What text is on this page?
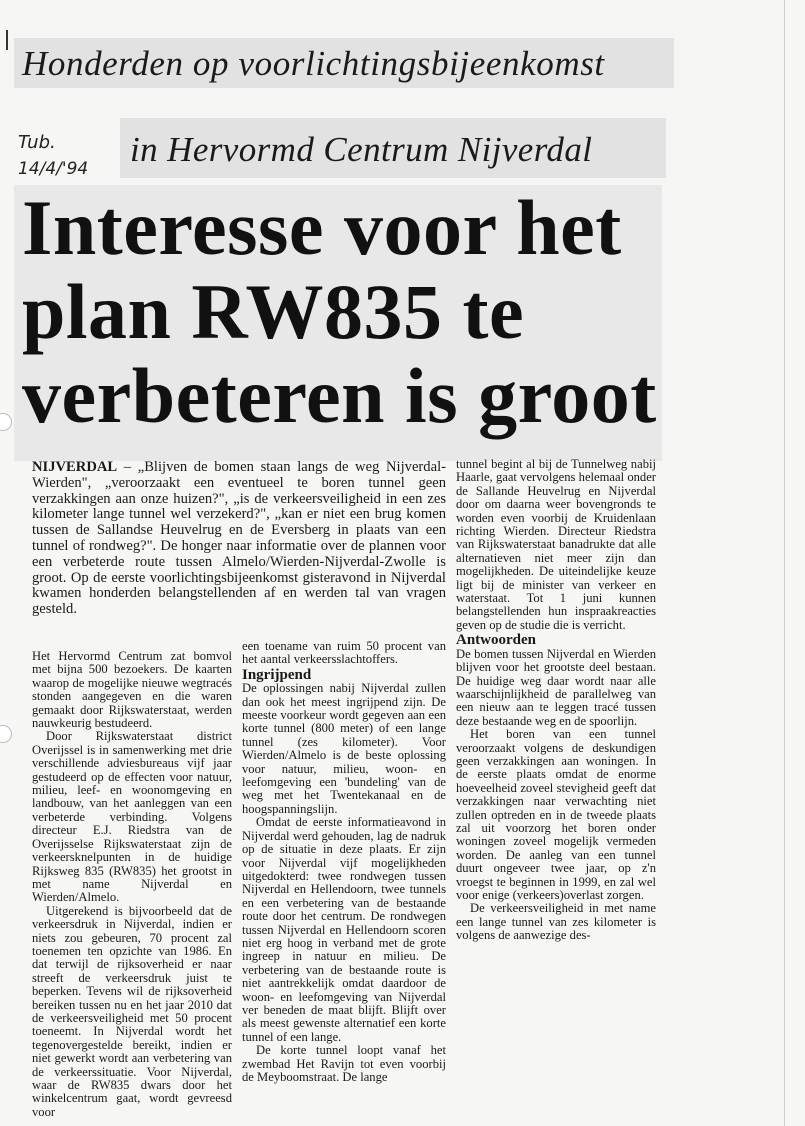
Honderden op voorlichtingsbijeenkomst
Tub.
14/4/'94	in Hervormd Centrum Nijverdal
Interesse voor het
plan RW835 te
verbeteren is groot
NIJVERDAL – „Blijven de bomen staan langs de weg Nijverdal-Wierden", „veroorzaakt een eventueel te boren tunnel geen verzakkingen aan onze huizen?", „is de verkeersveiligheid in een zes kilometer lange tunnel wel verzekerd?", „kan er niet een brug komen tussen de Sallandse Heuvelrug en de Eversberg in plaats van een tunnel of rondweg?". De honger naar informatie over de plannen voor een verbeterde route tussen Almelo/Wierden-Nijverdal-Zwolle is groot. Op de eerste voorlichtingsbijeenkomst gisteravond in Nijverdal kwamen honderden belangstellenden af en werden tal van vragen gesteld.

Het Hervormd Centrum zat bomvol met bijna 500 bezoekers. De kaarten waarop de mogelijke nieuwe wegtracés stonden aangegeven en die waren gemaakt door Rijkswaterstaat, werden nauwkeurig bestudeerd.

Door Rijkswaterstaat district Overijssel is in samenwerking met drie verschillende adviesbureaus vijf jaar gestudeerd op de effecten voor natuur, milieu, leef- en woonomgeving en landbouw, van het aanleggen van een verbeterde verbinding. Volgens directeur E.J. Riedstra van de Overijsselse Rijkswaterstaat zijn de verkeersknelpunten in de huidige Rijksweg 835 (RW835) het grootst in met name Nijverdal en Wierden/Almelo.

Uitgerekend is bijvoorbeeld dat de verkeersdruk in Nijverdal, indien er niets zou gebeuren, 70 procent zal toenemen ten opzichte van 1986. En dat terwijl de rijksoverheid er naar streeft de verkeersdruk juist te beperken. Tevens wil de rijksoverheid bereiken tussen nu en het jaar 2010 dat de verkeersveiligheid met 50 procent toeneemt. In Nijverdal wordt het tegenovergestelde bereikt, indien er niet gewerkt wordt aan verbetering van de verkeerssituatie. Voor Nijverdal, waar de RW835 dwars door het winkelcentrum gaat, wordt gevreesd voor

een toename van ruim 50 procent van het aantal verkeersslachtoffers.

Ingrijpend

De oplossingen nabij Nijverdal zullen dan ook het meest ingrijpend zijn. De meeste voorkeur wordt gegeven aan een korte tunnel (800 meter) of een lange tunnel (zes kilometer). Voor Wierden/Almelo is de beste oplossing voor natuur, milieu, woon- en leefomgeving een 'bundeling' van de weg met het Twentekanaal en de hoogspanningslijn.

Omdat de eerste informatieavond in Nijverdal werd gehouden, lag de nadruk op de situatie in deze plaats. Er zijn voor Nijverdal vijf mogelijkheden uitgedokterd: twee rondwegen tussen Nijverdal en Hellendoorn, twee tunnels en een verbetering van de bestaande route door het centrum. De rondwegen tussen Nijverdal en Hellendoorn scoren niet erg hoog in verband met de grote ingreep in natuur en milieu. De verbetering van de bestaande route is niet aantrekkelijk omdat daardoor de woon- en leefomgeving van Nijverdal ver beneden de maat blijft. Blijft over als meest gewenste alternatief een korte tunnel of een lange.

De korte tunnel loopt vanaf het zwembad Het Ravijn tot even voorbij de Meyboomstraat. De lange

tunnel begint al bij de Tunnelweg nabij Haarle, gaat vervolgens helemaal onder de Sallande Heuvelrug en Nijverdal door om daarna weer bovengronds te worden even voorbij de Kruidenlaan richting Wierden. Directeur Riedstra van Rijkswaterstaat banadrukte dat alle alternatieven niet meer zijn dan mogelijkheden. De uiteindelijke keuze ligt bij de minister van verkeer en waterstaat. Tot 1 juni kunnen belangstellenden hun inspraakreacties geven op de studie die is verricht.

Antwoorden

De bomen tussen Nijverdal en Wierden blijven voor het grootste deel bestaan. De huidige weg daar wordt naar alle waarschijnlijkheid de parallelweg van een nieuw aan te leggen tracé tussen deze bestaande weg en de spoorlijn.

Het boren van een tunnel veroorzaakt volgens de deskundigen geen verzakkingen aan woningen. In de eerste plaats omdat de enorme hoeveelheid zoveel stevigheid geeft dat verzakkingen naar verwachting niet zullen optreden en in de tweede plaats zal uit voorzorg het boren onder woningen zoveel mogelijk vermeden worden. De aanleg van een tunnel duurt ongeveer twee jaar, op z'n vroegst te beginnen in 1999, en zal wel voor enige (verkeers)overlast zorgen.

De verkeersveiligheid in met name een lange tunnel van zes kilometer is volgens de aanwezige des-
